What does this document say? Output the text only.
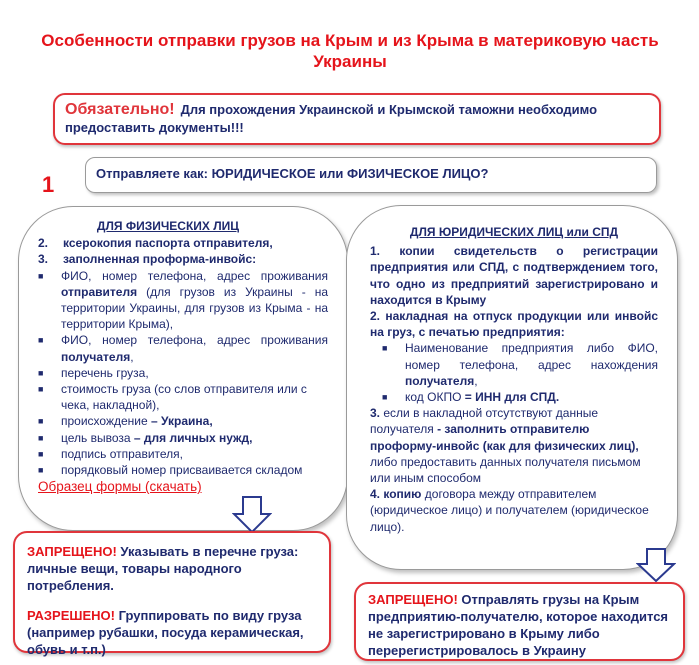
Особенности отправки грузов на Крым и из Крыма в материковую часть Украины
Обязательно! Для прохождения Украинской и Крымской таможни необходимо предоставить документы!!!
1	Отправляете как: ЮРИДИЧЕСКОЕ или ФИЗИЧЕСКОЕ ЛИЦО?
ДЛЯ ФИЗИЧЕСКИХ ЛИЦ
2.	ксерокопия паспорта отправителя,
3.	заполненная проформа-инвойс:
■	ФИО, номер телефона, адрес проживания отправителя (для грузов из Украины - на территории Украины, для грузов из Крыма - на территории Крыма),
■	ФИО, номер телефона, адрес проживания получателя,
■	перечень груза,
■	стоимость груза (со слов отправителя или с чека, накладной),
■	происхождение – Украина,
■	цель вывоза – для личных нужд,
■	подпись отправителя,
■	порядковый номер присваивается складом
Образец формы (скачать)
ДЛЯ ЮРИДИЧЕСКИХ ЛИЦ или СПД
1. копии свидетельств о регистрации предприятия или СПД, с подтверждением того, что одно из предприятий зарегистрировано и находится в Крыму
2. накладная на отпуск продукции или инвойс на груз, с печатью предприятия:
■	Наименование предприятия либо ФИО, номер телефона, адрес нахождения получателя,
■	код ОКПО = ИНН для СПД.
3. если в накладной отсутствуют данные получателя - заполнить отправителю проформу-инвойс (как для физических лиц), либо предоставить данных получателя письмом или иным способом
4. копию договора между отправителем (юридическое лицо) и получателем (юридическое лицо).
ЗАПРЕЩЕНО! Указывать в перечне груза: личные вещи, товары народного потребления.
РАЗРЕШЕНО! Группировать по виду груза (например рубашки, посуда керамическая, обувь и т.п.)
ЗАПРЕЩЕНО! Отправлять грузы на Крым предприятию-получателю, которое находится не зарегистрировано в Крыму либо перерегистрировалось в Украину
